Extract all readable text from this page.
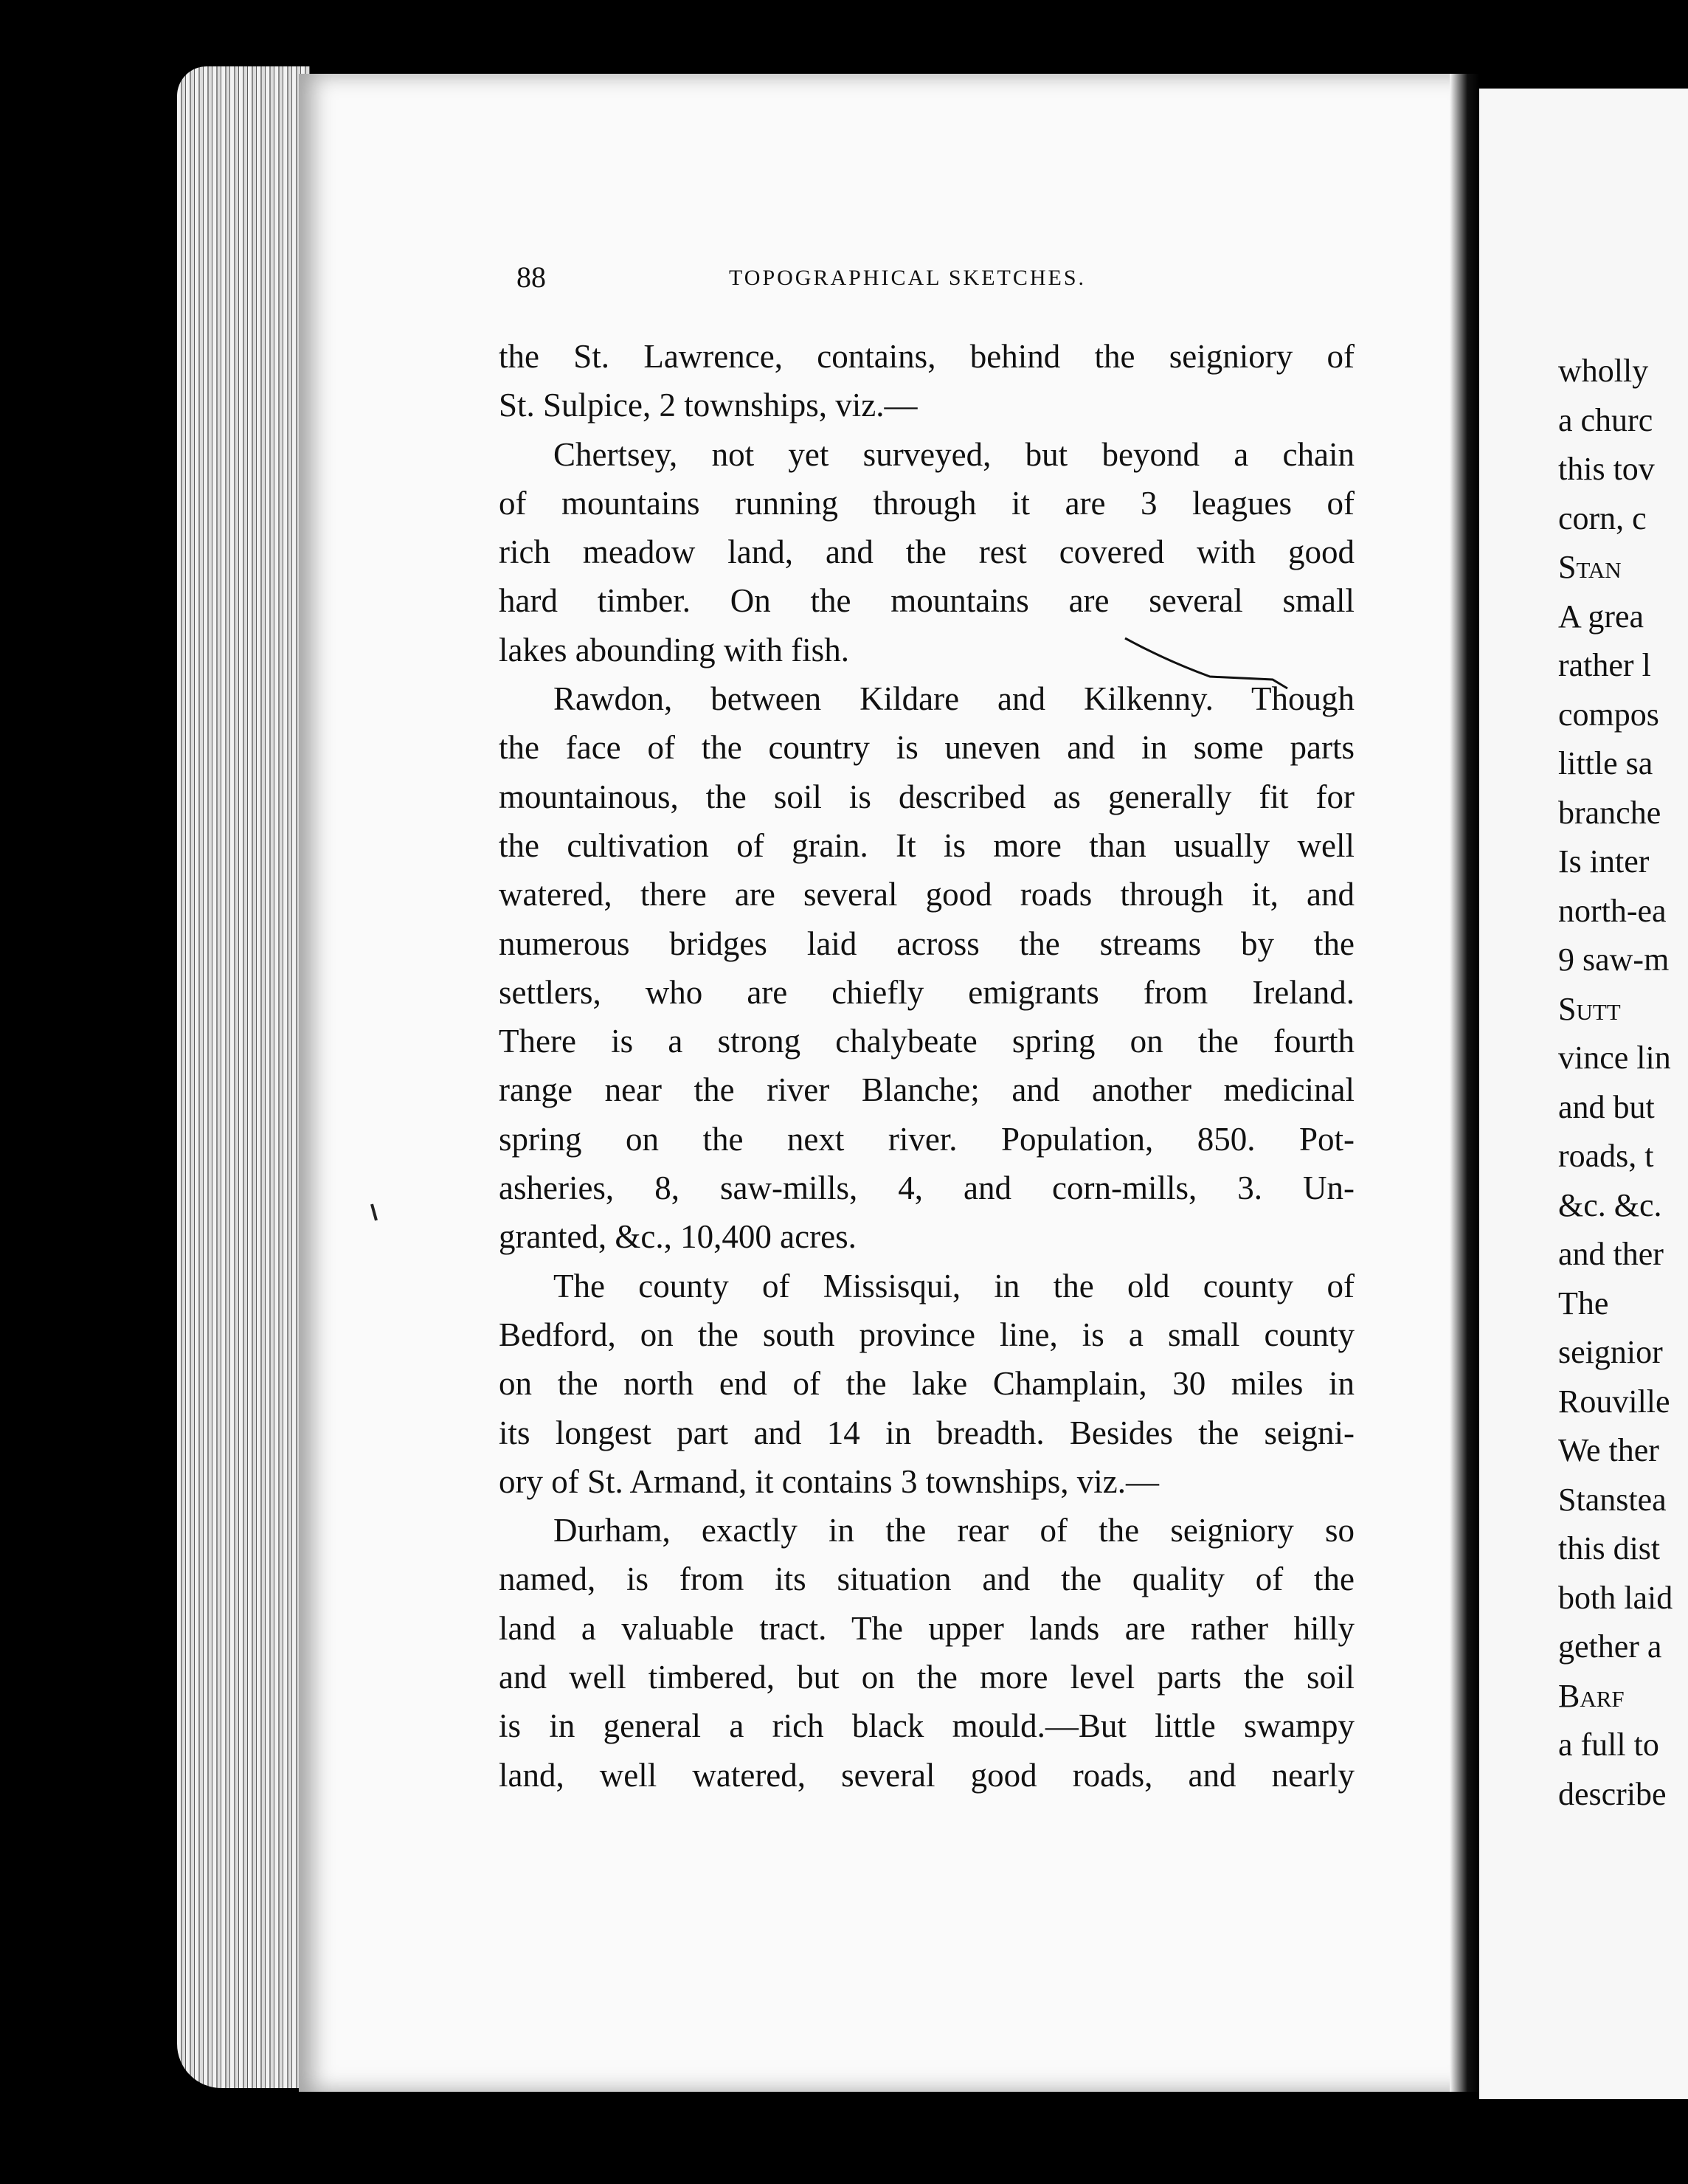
88	TOPOGRAPHICAL SKETCHES.
the St. Lawrence, contains, behind the seigniory of
St. Sulpice, 2 townships, viz.—
Chertsey, not yet surveyed, but beyond a chain
of mountains running through it are 3 leagues of
rich meadow land, and the rest covered with good
hard timber. On the mountains are several small
lakes abounding with fish.
Rawdon, between Kildare and Kilkenny. Though
the face of the country is uneven and in some parts
mountainous, the soil is described as generally fit for
the cultivation of grain. It is more than usually well
watered, there are several good roads through it, and
numerous bridges laid across the streams by the
settlers, who are chiefly emigrants from Ireland.
There is a strong chalybeate spring on the fourth
range near the river Blanche; and another medicinal
spring on the next river. Population, 850. Pot-
asheries, 8, saw-mills, 4, and corn-mills, 3. Un-
granted, &c., 10,400 acres.
The county of Missisqui, in the old county of
Bedford, on the south province line, is a small county
on the north end of the lake Champlain, 30 miles in
its longest part and 14 in breadth. Besides the seigni-
ory of St. Armand, it contains 3 townships, viz.—
Durham, exactly in the rear of the seigniory so
named, is from its situation and the quality of the
land a valuable tract. The upper lands are rather hilly
and well timbered, but on the more level parts the soil
is in general a rich black mould.—But little swampy
land, well watered, several good roads, and nearly
wholly
a churc
this tov
corn, c
Stan
A grea
rather l
compos
little sa
branche
Is inter
north-ea
9 saw-m
Sutt
vince lin
and but
roads, t
&c. &c.
and ther
The
seignior
Rouville
We ther
Stanstea
this dist
both laid
gether a
Barf
a full to
describe
